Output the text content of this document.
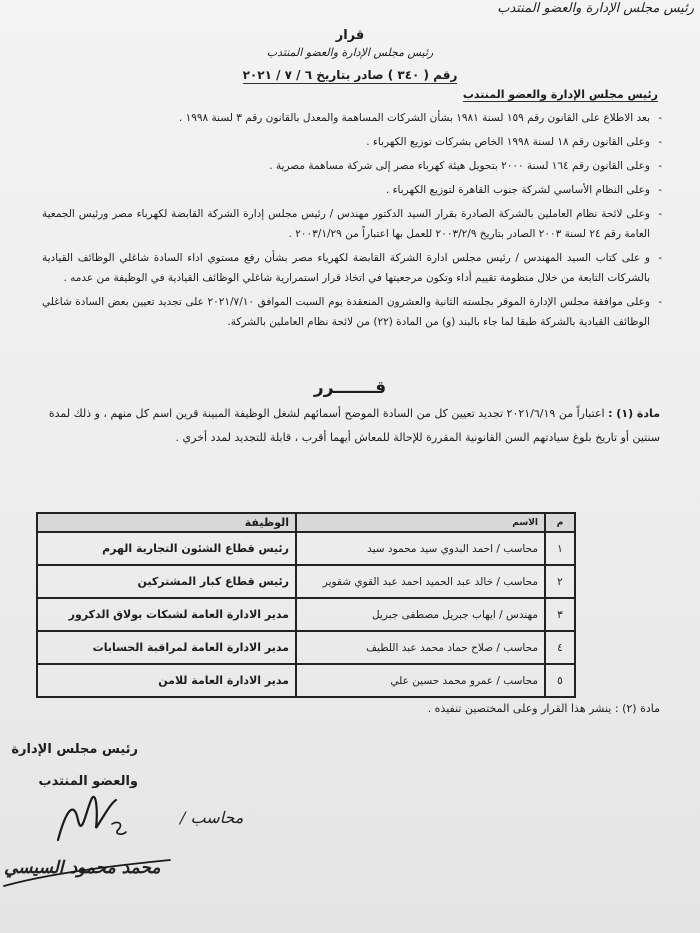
رئيس مجلس الإدارة والعضو المنتدب
قرار
رئيس مجلس الإدارة والعضو المنتدب
رقم ( ٣٤٠ ) صادر بتاريخ ٦ / ٧ / ٢٠٢١
رئيس مجلس الإدارة والعضو المنتدب
- بعد الاطلاع على القانون رقم ١٥٩ لسنة ١٩٨١ بشأن الشركات المساهمة والمعدل بالقانون رقم ٣ لسنة ١٩٩٨ .
- وعلى القانون رقم ١٨ لسنة ١٩٩٨ الخاص بشركات توزيع الكهرباء .
- وعلى القانون رقم ١٦٤ لسنة ٢٠٠٠ بتحويل هيئة كهرباء مصر إلى شركة مساهمة مصرية .
- وعلى النظام الأساسي لشركة جنوب القاهرة لتوزيع الكهرباء .
- وعلى لائحة نظام العاملين بالشركة الصادرة بقرار السيد الدكتور مهندس / رئيس مجلس إدارة الشركة القابضة لكهرباء مصر ورئيس الجمعية العامة رقم ٢٤ لسنة ٢٠٠٣ الصادر بتاريخ ٢٠٠٣/٢/٩ للعمل بها اعتباراً من ٢٠٠٣/١/٢٩ .
- و على كتاب السيد المهندس / رئيس مجلس ادارة الشركة القابضة لكهرباء مصر بشأن رفع مستوي اداء السادة شاغلي الوظائف القيادية بالشركات التابعة من خلال منظومة تقييم أداء وتكون مرجعيتها في اتخاذ قرار استمرارية شاغلي الوظائف القيادية في الوظيفة من عدمه .
- وعلى موافقة مجلس الإدارة الموقر بجلسته الثانية والعشرون المنعقدة يوم السبت الموافق ٢٠٢١/٧/١٠ على تجديد تعيين بعض السادة شاغلي الوظائف القيادية بالشركة طبقا لما جاء بالبند (و) من المادة (٢٢) من لائحة نظام العاملين بالشركة.
قـــــــرر
مادة (١) : اعتباراً من ٢٠٢١/٦/١٩ تجديد تعيين كل من السادة الموضح أسمائهم لشغل الوظيفة المبينة قرين اسم كل منهم ، و ذلك لمدة سنتين أو تاريخ بلوغ سيادتهم السن القانونية المقررة للإحالة للمعاش أيهما أقرب ، قابلة للتجديد لمدد أخري .
م	الاسم	الوظيفة
١	محاسب / احمد البدوي سيد محمود سيد	رئيس قطاع الشئون التجارية الهرم
٢	محاسب / خالد عبد الحميد احمد عبد القوي شقوير	رئيس قطاع كبار المشتركين
٣	مهندس / ايهاب جبريل مصطفى جبريل	مدير الادارة العامة لشبكات بولاق الدكرور
٤	محاسب / صلاح حماد محمد عبد اللطيف	مدير الادارة العامة لمراقبة الحسابات
٥	محاسب / عمرو محمد حسين علي	مدير الادارة العامة للامن
مادة (٢) : ينشر هذا القرار وعلى المختصين تنفيذه .
رئيس مجلس الإدارة
والعضو المنتدب
محاسب /
محمد محمود السيسي
